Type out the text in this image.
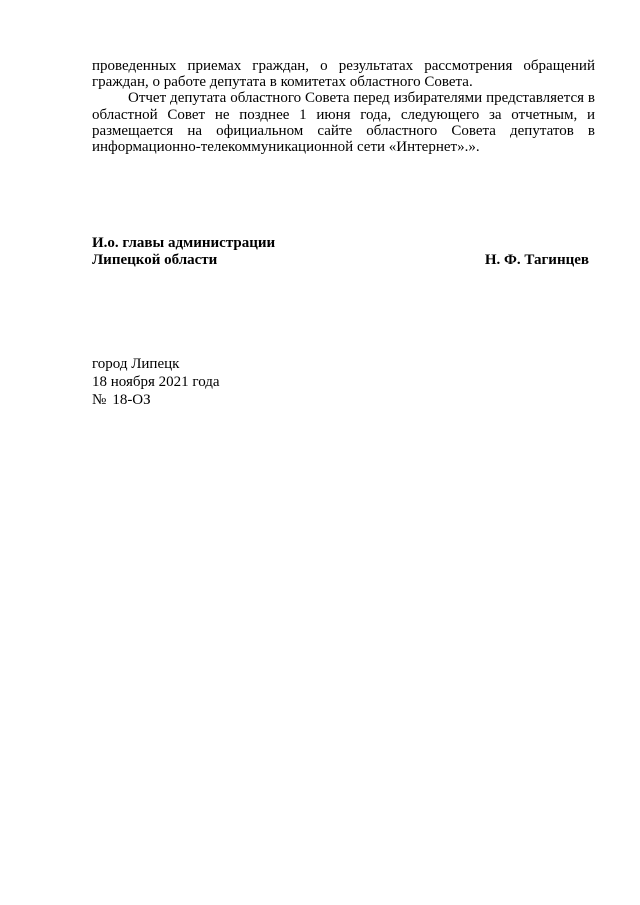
проведенных приемах граждан, о результатах рассмотрения обращений граждан, о работе депутата в комитетах областного Совета.

Отчет депутата областного Совета перед избирателями представляется в областной Совет не позднее 1 июня года, следующего за отчетным, и размещается на официальном сайте областного Совета депутатов в информационно-телекоммуникационной сети «Интернет».».

И.о. главы администрации
Липецкой области	Н. Ф. Тагинцев
город Липецк
18 ноября 2021 года
№ 18-ОЗ
